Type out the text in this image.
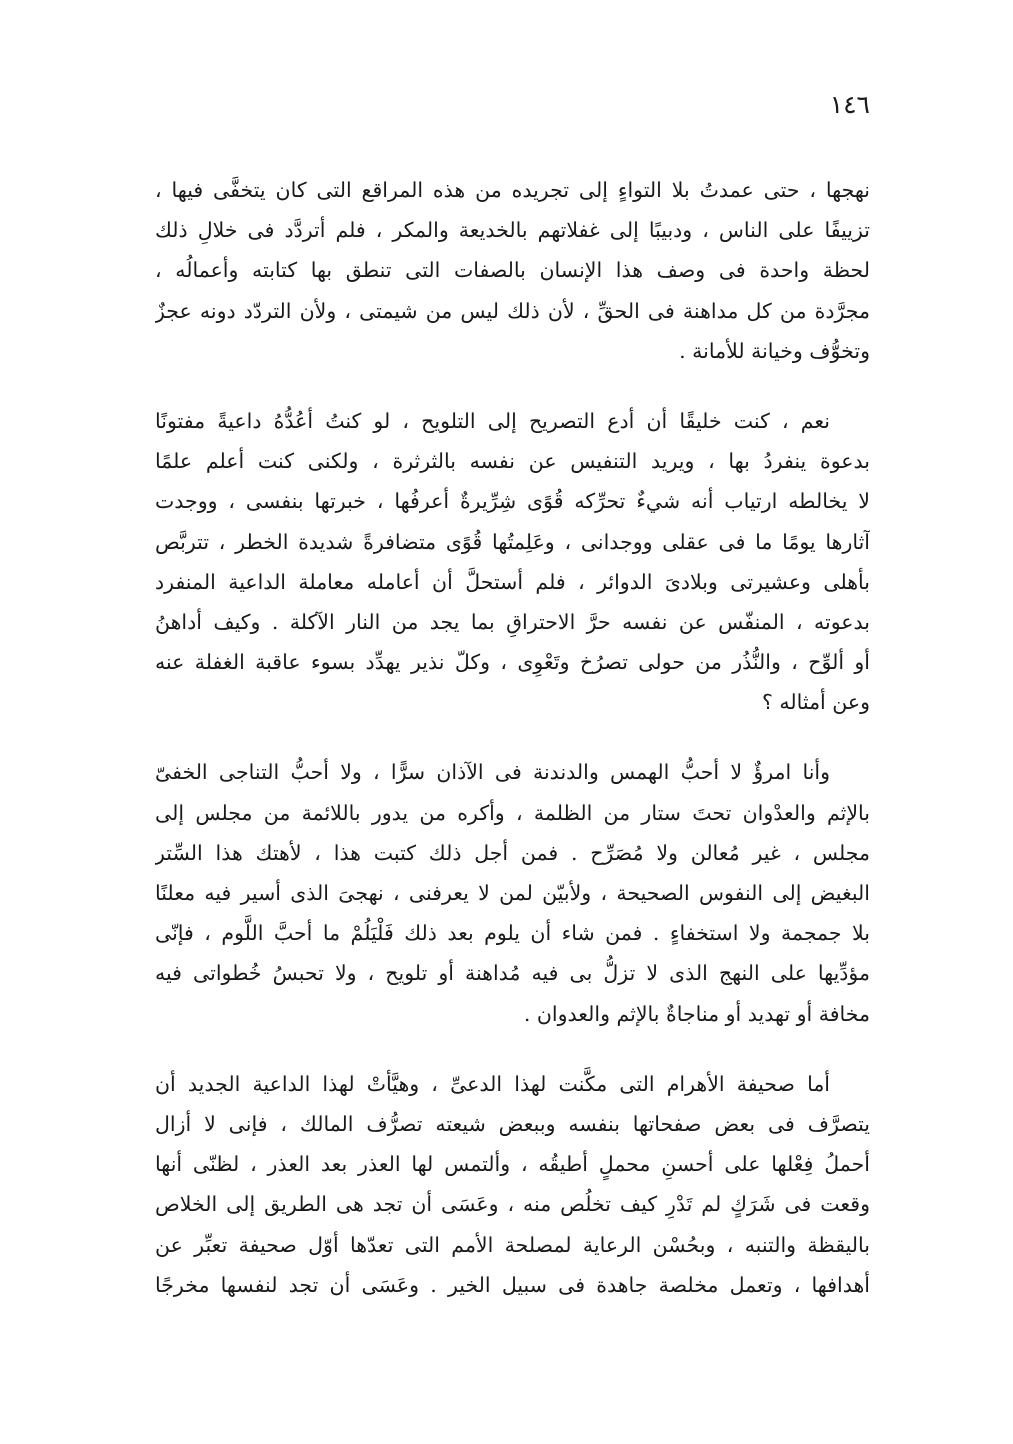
١٤٦
نهجها ، حتى عمدتُ بلا التواءٍ إلى تجريده من هذه المراقع التى كان يتخفَّى فيها ،
تزييفًا على الناس ، ودبيبًا إلى غفلاتهم بالخديعة والمكر ، فلم أتردَّد فى خلالِ ذلك
لحظة واحدة فى وصف هذا الإنسان بالصفات التى تنطق بها كتابته وأعمالُه ،
مجرَّدة من كل مداهنة فى الحقِّ ، لأن ذلك ليس من شيمتى ، ولأن التردّد دونه عجزٌ
وتخوُّف وخيانة للأمانة .
نعم ، كنت خليقًا أن أدع التصريح إلى التلويح ، لو كنتُ أعُدُّهُ داعيةً مفتونًا
بدعوة ينفردُ بها ، ويريد التنفيس عن نفسه بالثرثرة ، ولكنى كنت أعلم علمًا
لا يخالطه ارتياب أنه شيءٌ تحرِّكه قُوًى شِرِّيرةٌ أعرفُها ، خبرتها بنفسى ، ووجدت
آثارها يومًا ما فى عقلى ووجدانى ، وعَلِمتُها قُوًى متضافرةً شديدة الخطر ، تتربَّص
بأهلى وعشيرتى وبلادىَ الدوائر ، فلم أستحلَّ أن أعامله معاملة الداعية المنفرد
بدعوته ، المنفّس عن نفسه حرَّ الاحتراقِ بما يجد من النار الآكلة . وكيف أداهنُ
أو ألوِّح ، والنُّذُر من حولى تصرُخ وتَعْوِى ، وكلّ نذير يهدِّد بسوء عاقبة الغفلة عنه
وعن أمثاله ؟
وأنا امرؤٌ لا أحبُّ الهمس والدندنة فى الآذان سرًّا ، ولا أحبُّ التناجى الخفىّ
بالإثم والعدْوان تحتَ ستار من الظلمة ، وأكره من يدور باللائمة من مجلس إلى
مجلس ، غير مُعالن ولا مُصَرِّح . فمن أجل ذلك كتبت هذا ، لأهتك هذا السِّتر
البغيض إلى النفوس الصحيحة ، ولأبيّن لمن لا يعرفنى ، نهجىَ الذى أسير فيه معلنًا
بلا جمجمة ولا استخفاءٍ . فمن شاء أن يلوم بعد ذلك فَلْيَلُمْ ما أحبَّ اللَّوم ، فإنّى
مؤدِّيها على النهج الذى لا تزلُّ بى فيه مُداهنة أو تلويح ، ولا تحبسُ خُطواتى فيه
مخافة أو تهديد أو مناجاةٌ بالإثم والعدوان .
أما صحيفة الأهرام التى مكَّنت لهذا الدعىِّ ، وهيَّأتْ لهذا الداعية الجديد أن
يتصرَّف فى بعض صفحاتها بنفسه وببعض شيعته تصرُّف المالك ، فإنى لا أزال
أحملُ فِعْلها على أحسنِ محملٍ أطيقُه ، وألتمس لها العذر بعد العذر ، لظنّى أنها
وقعت فى شَرَكٍ لم تَدْرِ كيف تخلُص منه ، وعَسَى أن تجد هى الطريق إلى الخلاص
باليقظة والتنبه ، وبحُسْن الرعاية لمصلحة الأمم التى تعدّها أوّل صحيفة تعبِّر عن
أهدافها ، وتعمل مخلصة جاهدة فى سبيل الخير . وعَسَى أن تجد لنفسها مخرجًا
